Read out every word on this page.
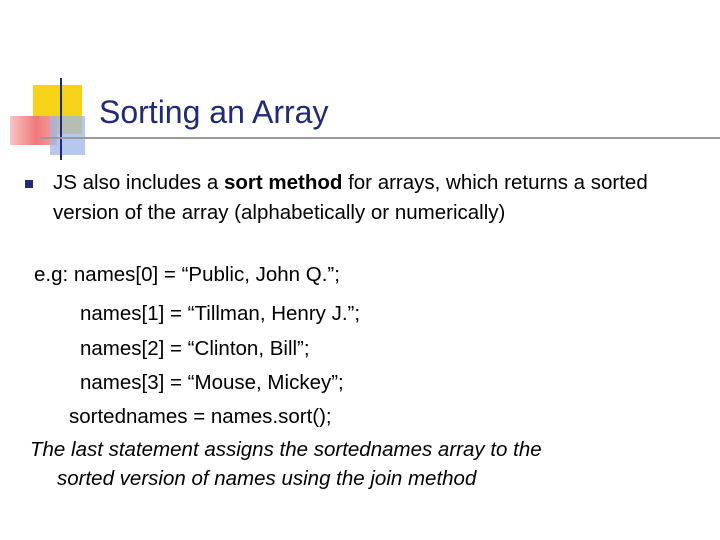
Sorting an Array
JS also includes a sort method for arrays, which returns a sorted version of the array (alphabetically or numerically)
e.g: names[0] = “Public, John Q.”;
names[1] = “Tillman, Henry J.”;
names[2] = “Clinton, Bill”;
names[3] = “Mouse, Mickey”;
sortednames = names.sort();
The last statement assigns the sortednames array to the
sorted version of names using the join method
